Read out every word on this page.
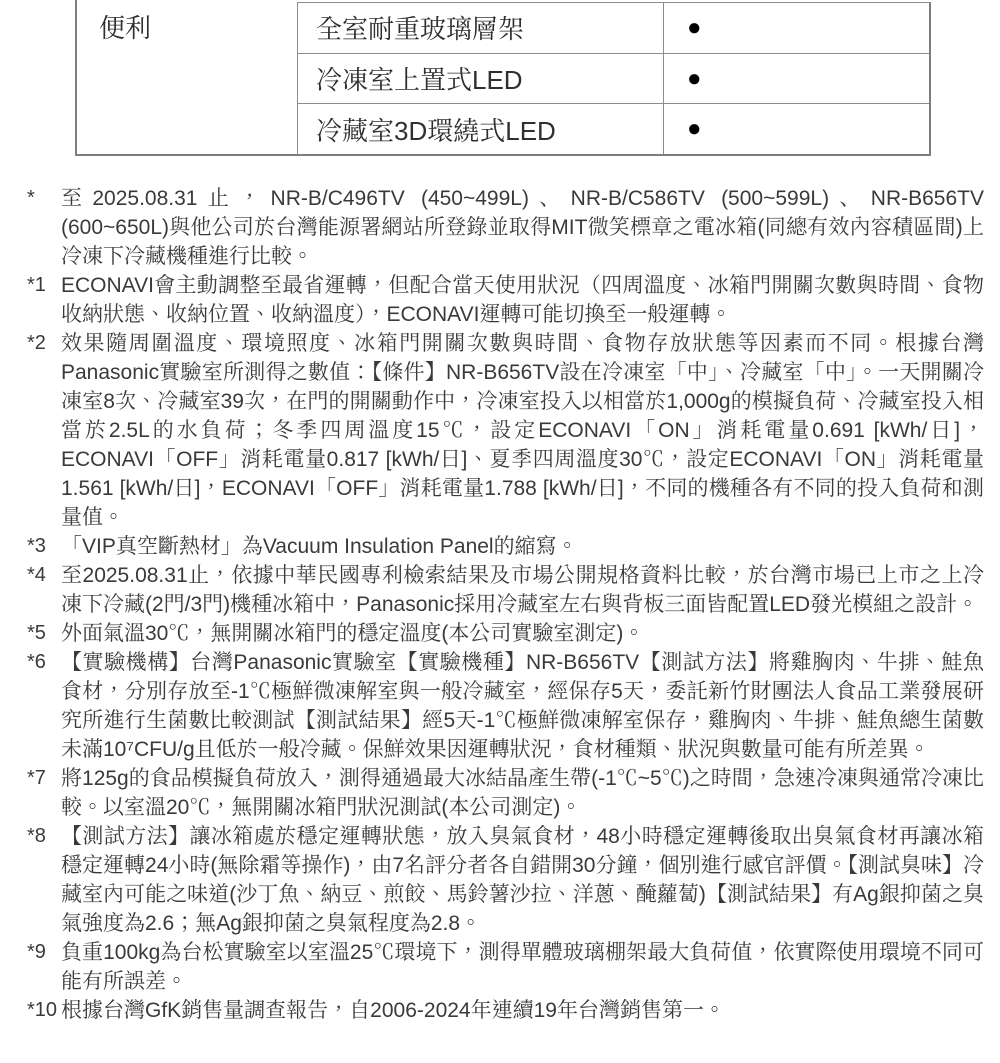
便利	全室耐重玻璃層架	●
冷凍室上置式LED	●
冷藏室3D環繞式LED	●
*	至2025.08.31止，NR-B/C496TV (450~499L)、NR-B/C586TV (500~599L)、NR-B656TV (600~650L)與他公司於台灣能源署網站所登錄並取得MIT微笑標章之電冰箱(同總有效內容積區間)上冷凍下冷藏機種進行比較。
*1 ECONAVI會主動調整至最省運轉，但配合當天使用狀況（四周溫度、冰箱門開關次數與時間、食物收納狀態、收納位置、收納溫度），ECONAVI運轉可能切換至一般運轉。
*2 效果隨周圍溫度、環境照度、冰箱門開關次數與時間、食物存放狀態等因素而不同。根據台灣Panasonic實驗室所測得之數值：【條件】NR-B656TV設在冷凍室「中」、冷藏室「中」。一天開關冷凍室8次、冷藏室39次，在門的開關動作中，冷凍室投入以相當於1,000g的模擬負荷、冷藏室投入相當於2.5L的水負荷；冬季四周溫度15℃，設定ECONAVI「ON」消耗電量0.691 [kWh/日]，ECONAVI「OFF」消耗電量0.817 [kWh/日]、夏季四周溫度30℃，設定ECONAVI「ON」消耗電量1.561 [kWh/日]，ECONAVI「OFF」消耗電量1.788 [kWh/日]，不同的機種各有不同的投入負荷和測量值。
*3 「VIP真空斷熱材」為Vacuum Insulation Panel的縮寫。
*4 至2025.08.31止，依據中華民國專利檢索結果及市場公開規格資料比較，於台灣市場已上市之上冷凍下冷藏(2門/3門)機種冰箱中，Panasonic採用冷藏室左右與背板三面皆配置LED發光模組之設計。
*5 外面氣溫30℃，無開關冰箱門的穩定溫度(本公司實驗室測定)。
*6 【實驗機構】台灣Panasonic實驗室【實驗機種】NR-B656TV【測試方法】將雞胸肉、牛排、鮭魚食材，分別存放至-1℃極鮮微凍解室與一般冷藏室，經保存5天，委託新竹財團法人食品工業發展研究所進行生菌數比較測試【測試結果】經5天-1℃極鮮微凍解室保存，雞胸肉、牛排、鮭魚總生菌數未滿10⁷CFU/g且低於一般冷藏。保鮮效果因運轉狀況，食材種類、狀況與數量可能有所差異。
*7 將125g的食品模擬負荷放入，測得通過最大冰結晶產生帶(-1℃~5℃)之時間，急速冷凍與通常冷凍比較。以室溫20℃，無開關冰箱門狀況測試(本公司測定)。
*8 【測試方法】讓冰箱處於穩定運轉狀態，放入臭氣食材，48小時穩定運轉後取出臭氣食材再讓冰箱穩定運轉24小時(無除霜等操作)，由7名評分者各自錯開30分鐘，個別進行感官評價。【測試臭味】冷藏室內可能之味道(沙丁魚、納豆、煎餃、馬鈴薯沙拉、洋蔥、醃蘿蔔)【測試結果】有Ag銀抑菌之臭氣強度為2.6；無Ag銀抑菌之臭氣程度為2.8。
*9 負重100kg為台松實驗室以室溫25℃環境下，測得單體玻璃棚架最大負荷值，依實際使用環境不同可能有所誤差。
*10 根據台灣GfK銷售量調查報告，自2006-2024年連續19年台灣銷售第一。
